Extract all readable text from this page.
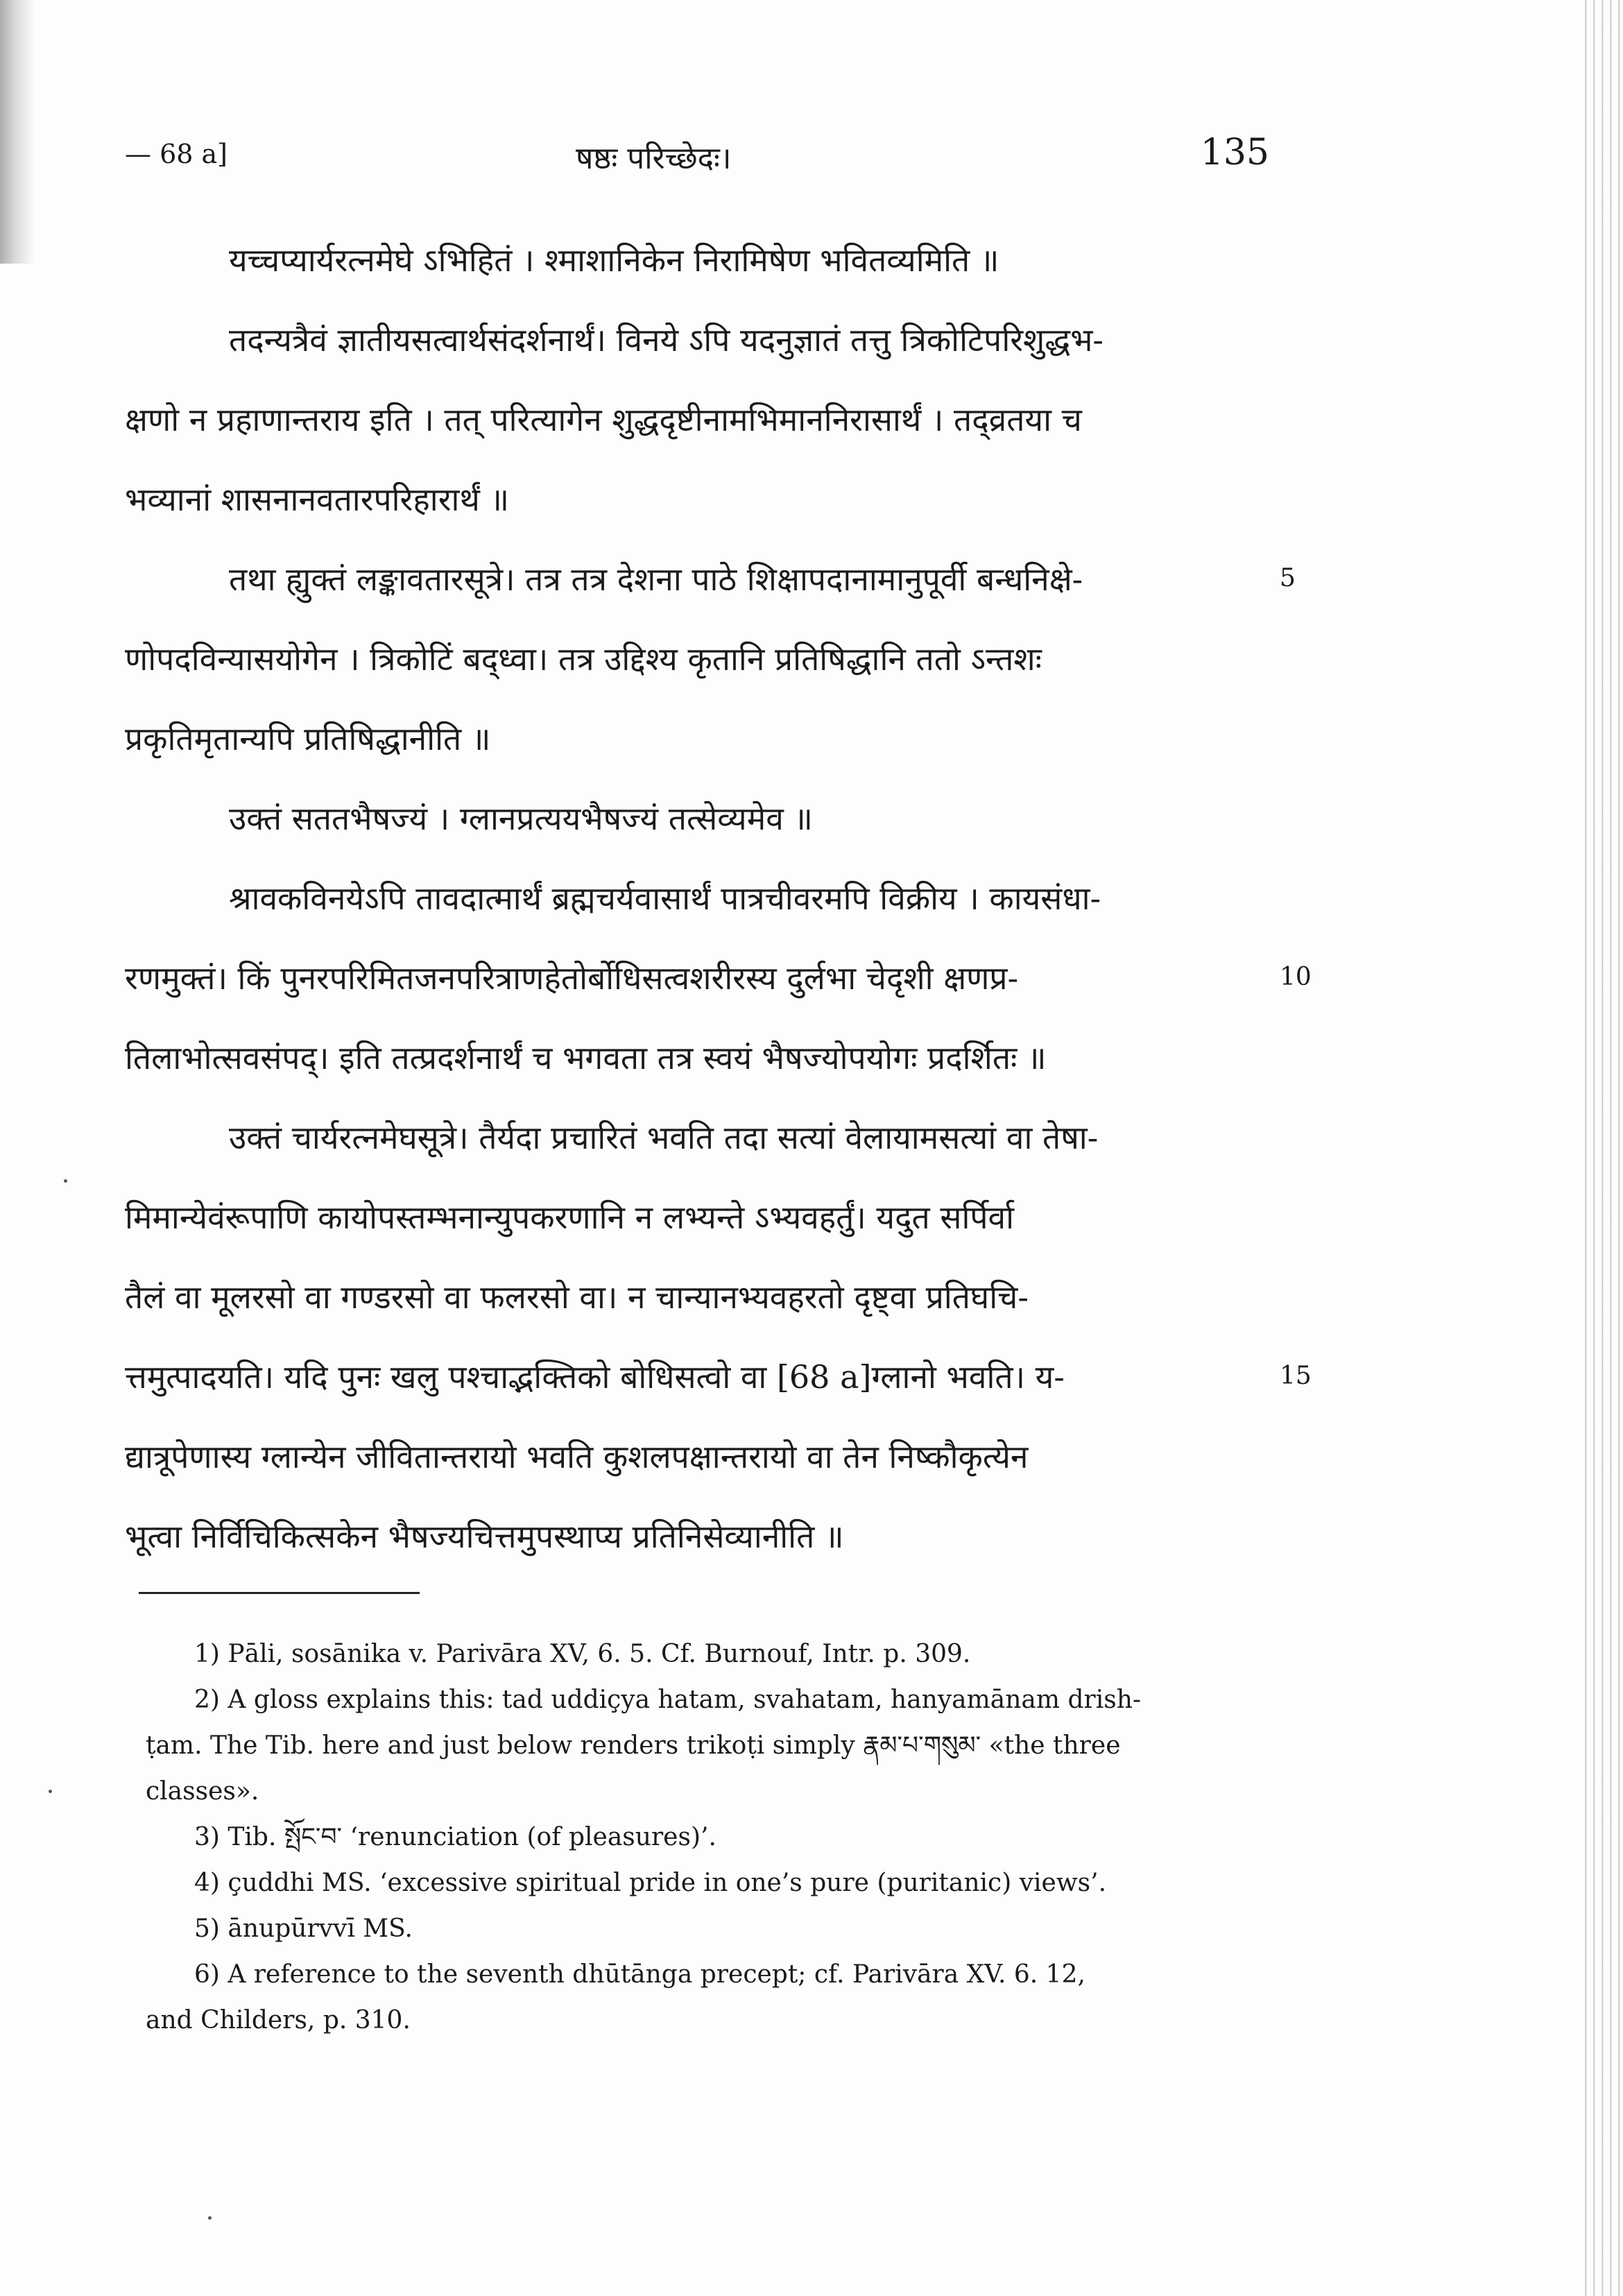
— 68 a]	षष्ठः परिच्छेदः।	135
यच्चप्यार्यरत्नमेघे ऽभिहितं । श्माशानिकेन निरामिषेण भवितव्यमिति ॥
तदन्यत्रैवं ज्ञातीयसत्वार्थसंदर्शनार्थं। विनये ऽपि यदनुज्ञातं तत्तु त्रिकोटिपरिशुद्धभ-
क्षणो न प्रहाणान्तराय इति । तत् परित्यागेन शुद्धदृष्टीनामभिमाननिरासार्थं । तद्व्रतया च
भव्यानां शासनानवतारपरिहारार्थं ॥
तथा ह्युक्तं लङ्कावतारसूत्रे। तत्र तत्र देशना पाठे शिक्षापदानामानुपूर्वी बन्धनिक्षे-
णोपदविन्यासयोगेन । त्रिकोटिं बद्ध्वा। तत्र उद्दिश्य कृतानि प्रतिषिद्धानि ततो ऽन्तशः
प्रकृतिमृतान्यपि प्रतिषिद्धानीति ॥
उक्तं सततभैषज्यं । ग्लानप्रत्ययभैषज्यं तत्सेव्यमेव ॥
श्रावकविनयेऽपि तावदात्मार्थं ब्रह्मचर्यवासार्थं पात्रचीवरमपि विक्रीय । कायसंधा-
रणमुक्तं। किं पुनरपरिमितजनपरित्राणहेतोर्बोधिसत्वशरीरस्य दुर्लभा चेदृशी क्षणप्र-
तिलाभोत्सवसंपद्। इति तत्प्रदर्शनार्थं च भगवता तत्र स्वयं भैषज्योपयोगः प्रदर्शितः ॥
उक्तं चार्यरत्नमेघसूत्रे। तैर्यदा प्रचारितं भवति तदा सत्यां वेलायामसत्यां वा तेषा-
मिमान्येवंरूपाणि कायोपस्तम्भनान्युपकरणानि न लभ्यन्ते ऽभ्यवहर्तुं। यदुत सर्पिर्वा
तैलं वा मूलरसो वा गण्डरसो वा फलरसो वा। न चान्यानभ्यवहरतो दृष्ट्वा प्रतिघचि-
त्तमुत्पादयति। यदि पुनः खलु पश्चाद्भक्तिको बोधिसत्वो वा [68 a]ग्लानो भवति। य-
द्यात्रूपेणास्य ग्लान्येन जीवितान्तरायो भवति कुशलपक्षान्तरायो वा तेन निष्कौकृत्येन
भूत्वा निर्विचिकित्सकेन भैषज्यचित्तमुपस्थाप्य प्रतिनिसेव्यानीति ॥
1) Pāli, sosānika v. Parivāra XV, 6. 5. Cf. Burnouf, Intr. p. 309.
2) A gloss explains this: tad uddiçya hatam, svahatam, hanyamānam drish-
ṭam. The Tib. here and just below renders trikoṭi simply རྣམ་པ་གསུམ་ «the three
classes».
3) Tib. སྤོང་བ་ ‘renunciation (of pleasures)’.
4) çuddhi MS. ‘excessive spiritual pride in one’s pure (puritanic) views’.
5) ānupūrvvī MS.
6) A reference to the seventh dhūtānga precept; cf. Parivāra XV. 6. 12,
and Childers, p. 310.
5
10
15
